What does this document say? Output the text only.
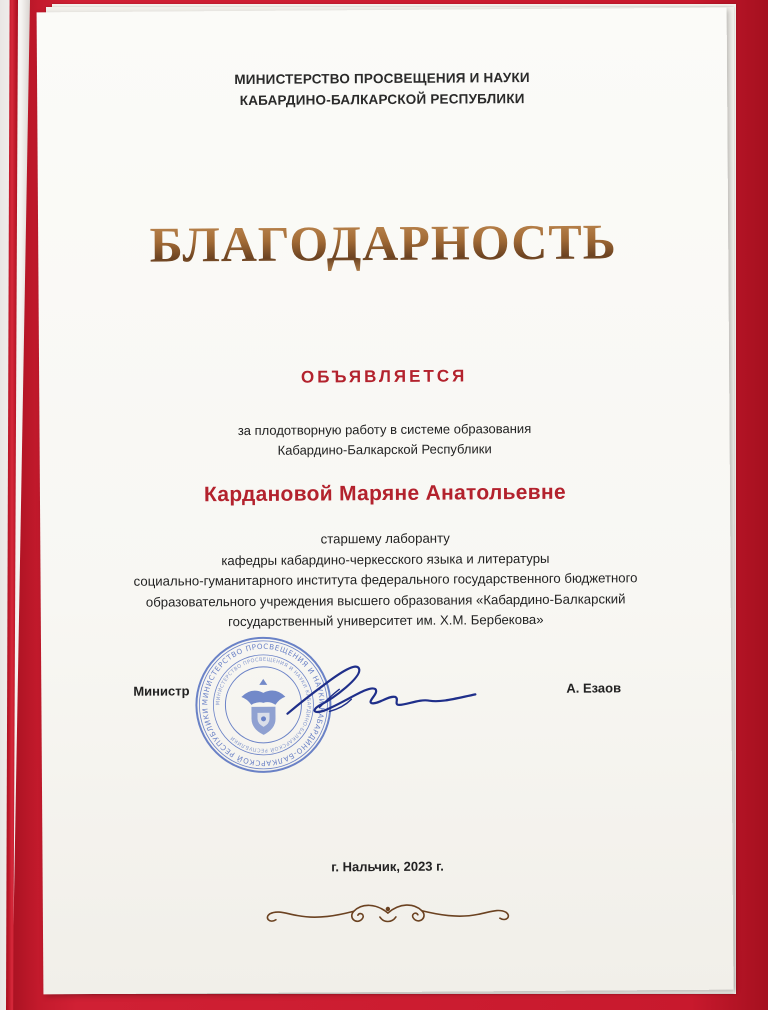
МИНИСТЕРСТВО ПРОСВЕЩЕНИЯ И НАУКИ
КАБАРДИНО-БАЛКАРСКОЙ РЕСПУБЛИКИ
БЛАГОДАРНОСТЬ
ОБЪЯВЛЯЕТСЯ
за плодотворную работу в системе образования
Кабардино-Балкарской Республики
Кардановой Маряне Анатольевне
старшему лаборанту
кафедры кабардино-черкесского языка и литературы
социально-гуманитарного института федерального государственного бюджетного
образовательного учреждения высшего образования «Кабардино-Балкарский
государственный университет им. Х.М. Бербекова»
МИНИСТЕРСТВО ПРОСВЕЩЕНИЯ И НАУКИ КАБАРДИНО-БАЛКАРСКОЙ РЕСПУБЛИКИ
МИНИСТЕРСТВО ПРОСВЕЩЕНИЯ И НАУКИ КАБАРДИНО-БАЛКАРСКОЙ РЕСПУБЛИКИ
Министр	А. Езаов
г. Нальчик, 2023 г.
